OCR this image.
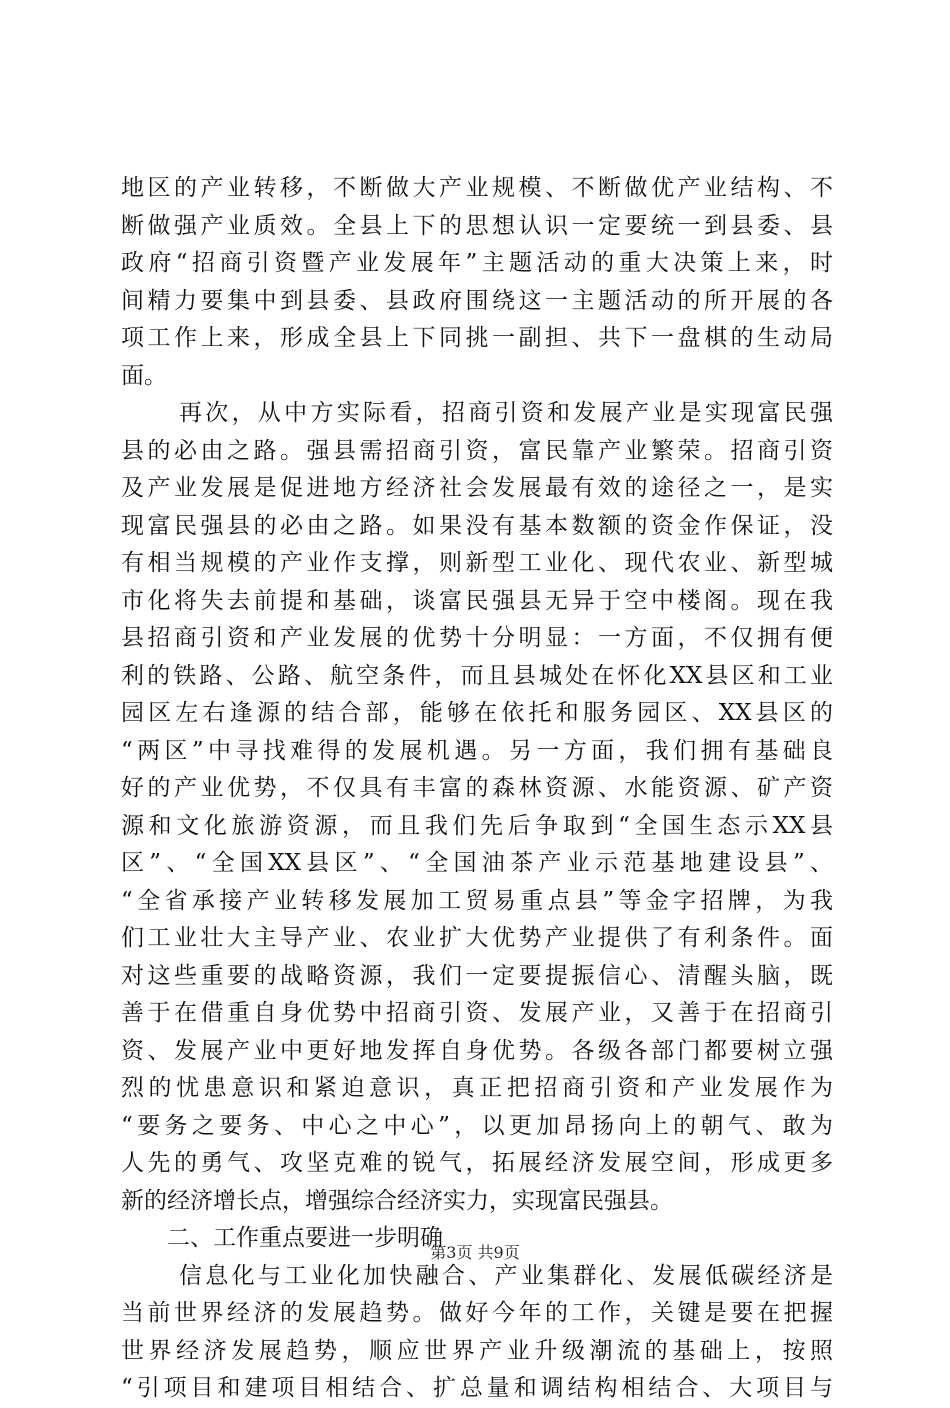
地区的产业转移，不断做大产业规模、不断做优产业结构、不
断做强产业质效。全县上下的思想认识一定要统一到县委、县
政府“招商引资暨产业发展年”主题活动的重大决策上来，时
间精力要集中到县委、县政府围绕这一主题活动的所开展的各
项工作上来，形成全县上下同挑一副担、共下一盘棋的生动局
面。
再次，从中方实际看，招商引资和发展产业是实现富民强
县的必由之路。强县需招商引资，富民靠产业繁荣。招商引资
及产业发展是促进地方经济社会发展最有效的途径之一，是实
现富民强县的必由之路。如果没有基本数额的资金作保证，没
有相当规模的产业作支撑，则新型工业化、现代农业、新型城
市化将失去前提和基础，谈富民强县无异于空中楼阁。现在我
县招商引资和产业发展的优势十分明显：一方面，不仅拥有便
利的铁路、公路、航空条件，而且县城处在怀化XX县区和工业
园区左右逢源的结合部，能够在依托和服务园区、XX县区的
“两区”中寻找难得的发展机遇。另一方面，我们拥有基础良
好的产业优势，不仅具有丰富的森林资源、水能资源、矿产资
源和文化旅游资源，而且我们先后争取到“全国生态示XX县
区”、“全国XX县区”、“全国油茶产业示范基地建设县”、
“全省承接产业转移发展加工贸易重点县”等金字招牌，为我
们工业壮大主导产业、农业扩大优势产业提供了有利条件。面
对这些重要的战略资源，我们一定要提振信心、清醒头脑，既
善于在借重自身优势中招商引资、发展产业，又善于在招商引
资、发展产业中更好地发挥自身优势。各级各部门都要树立强
烈的忧患意识和紧迫意识，真正把招商引资和产业发展作为
“要务之要务、中心之中心”，以更加昂扬向上的朝气、敢为
人先的勇气、攻坚克难的锐气，拓展经济发展空间，形成更多
新的经济增长点，增强综合经济实力，实现富民强县。
二、工作重点要进一步明确
信息化与工业化加快融合、产业集群化、发展低碳经济是
当前世界经济的发展趋势。做好今年的工作，关键是要在把握
世界经济发展趋势，顺应世界产业升级潮流的基础上，按照
“引项目和建项目相结合、扩总量和调结构相结合、大项目与
第3页 共9页
